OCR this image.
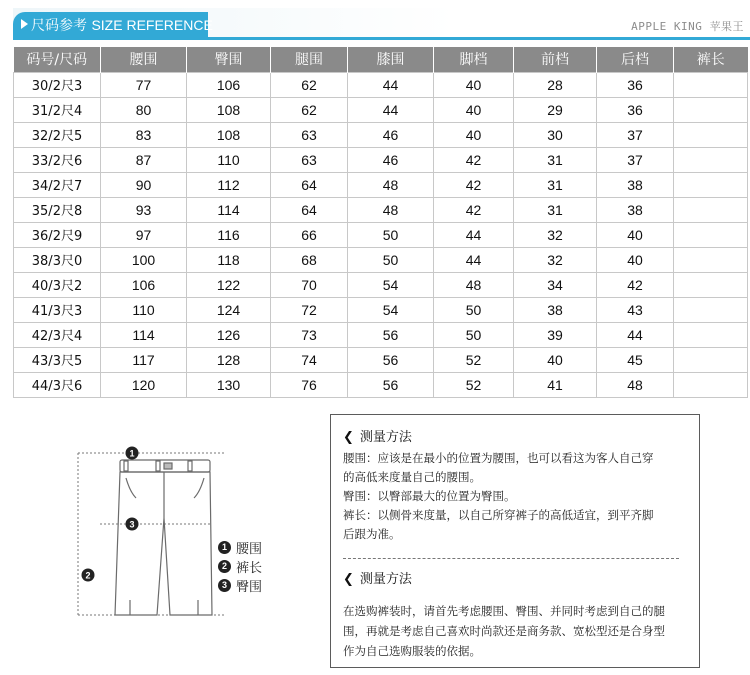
尺码参考 SIZE REFERENCE	APPLE KING 苹果王
码号/尺码	腰围	臀围	腿围	膝围	脚档	前档	后档	裤长
30/2尺3	77	106	62	44	40	28	36	
31/2尺4	80	108	62	44	40	29	36	
32/2尺5	83	108	63	46	40	30	37	
33/2尺6	87	110	63	46	42	31	37	
34/2尺7	90	112	64	48	42	31	38	
35/2尺8	93	114	64	48	42	31	38	
36/2尺9	97	116	66	50	44	32	40	
38/3尺0	100	118	68	50	44	32	40	
40/3尺2	106	122	70	54	48	34	42	
41/3尺3	110	124	72	54	50	38	43	
42/3尺4	114	126	73	56	50	39	44	
43/3尺5	117	128	74	56	52	40	45	
44/3尺6	120	130	76	56	52	41	48	
1
2
3
1 腰围
2 裤长
3 臀围
❮ 测量方法

腰围：应该是在最小的位置为腰围，也可以看这为客人自己穿

的高低来度量自己的腰围。

臀围：以臀部最大的位置为臀围。

裤长：以侧骨来度量，以自己所穿裤子的高低适宜，到平齐脚

后跟为准。

❮ 测量方法

在选购裤装时，请首先考虑腰围、臀围、并同时考虑到自己的腿

围，再就是考虑自己喜欢时尚款还是商务款、宽松型还是合身型

作为自己选购服装的依据。
